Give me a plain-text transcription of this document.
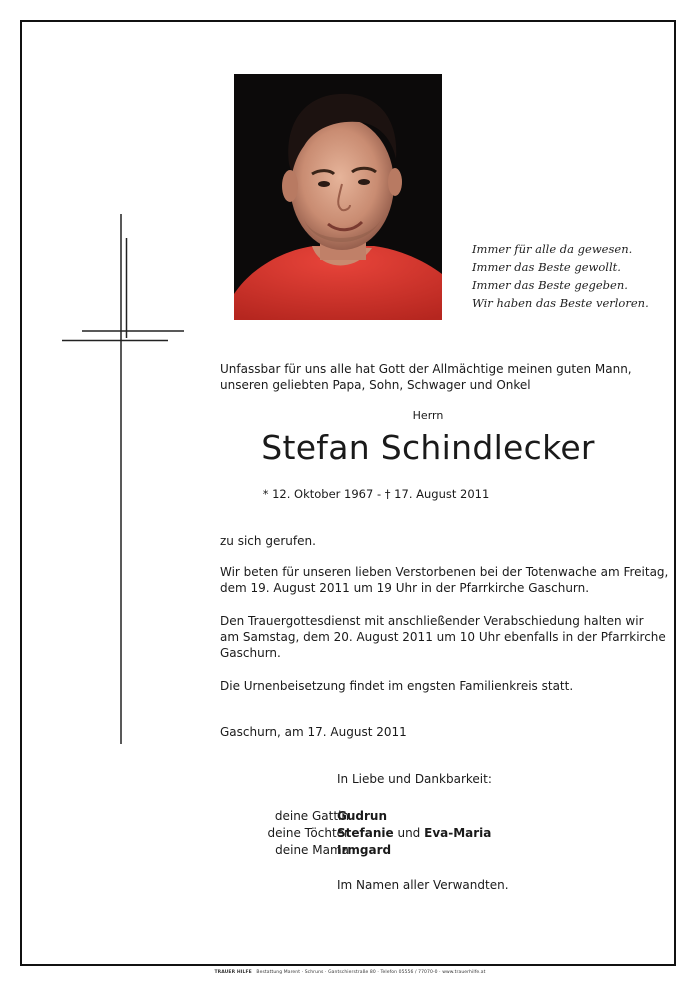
Immer für alle da gewesen.
Immer das Beste gewollt.
Immer das Beste gegeben.
Wir haben das Beste verloren.
Unfassbar für uns alle hat Gott der Allmächtige meinen guten Mann,
unseren geliebten Papa, Sohn, Schwager und Onkel
Herrn
Stefan Schindlecker
* 12. Oktober 1967 - † 17. August 2011
zu sich gerufen.
Wir beten für unseren lieben Verstorbenen bei der Totenwache am Freitag,
dem 19. August 2011 um 19 Uhr in der Pfarrkirche Gaschurn.
Den Trauergottesdienst mit anschließender Verabschiedung halten wir
am Samstag, dem 20. August 2011 um 10 Uhr ebenfalls in der Pfarrkirche
Gaschurn.
Die Urnenbeisetzung findet im engsten Familienkreis statt.
Gaschurn, am 17. August 2011
In Liebe und Dankbarkeit:
deine Gattin
Gudrun
deine Töchter
Stefanie und Eva-Maria
deine Mama
Irmgard
Im Namen aller Verwandten.
TRAUER HILFE Bestattung Marent · Schruns · Gantschierstraße 80 · Telefon 05556 / 77070-0 · www.trauerhilfe.at
